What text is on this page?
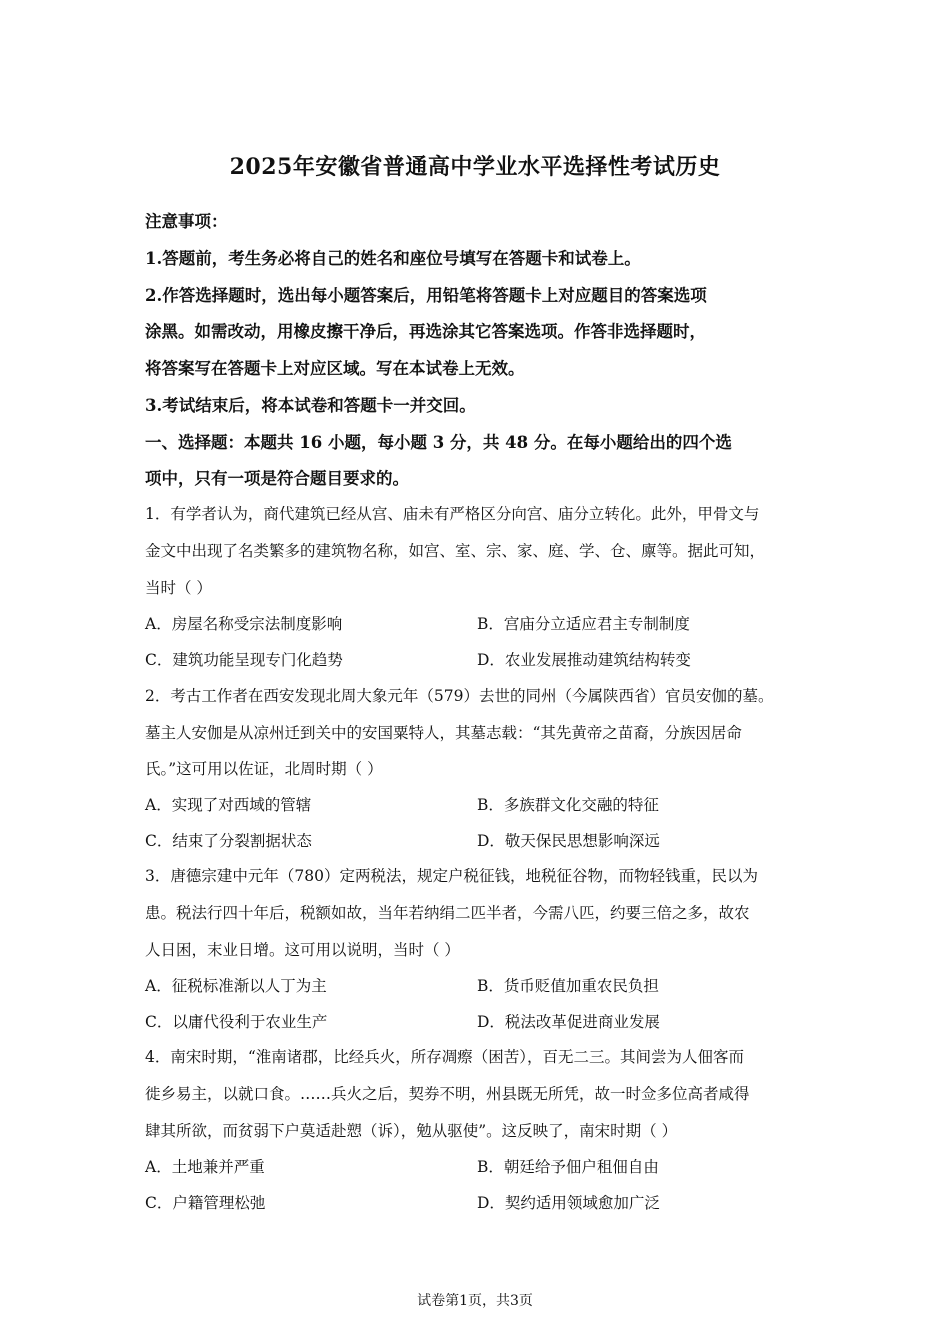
2025年安徽省普通高中学业水平选择性考试历史
注意事项：
1.答题前，考生务必将自己的姓名和座位号填写在答题卡和试卷上。
2.作答选择题时，选出每小题答案后，用铅笔将答题卡上对应题目的答案选项
涂黑。如需改动，用橡皮擦干净后，再选涂其它答案选项。作答非选择题时，
将答案写在答题卡上对应区域。写在本试卷上无效。
3.考试结束后，将本试卷和答题卡一并交回。
一、选择题：本题共 16 小题，每小题 3 分，共 48 分。在每小题给出的四个选
项中，只有一项是符合题目要求的。
1．有学者认为，商代建筑已经从宫、庙未有严格区分向宫、庙分立转化。此外，甲骨文与
金文中出现了名类繁多的建筑物名称，如宫、室、宗、家、庭、学、仓、廪等。据此可知，
当时（ ）
A．房屋名称受宗法制度影响	B．宫庙分立适应君主专制制度
C．建筑功能呈现专门化趋势	D．农业发展推动建筑结构转变
2．考古工作者在西安发现北周大象元年（579）去世的同州（今属陕西省）官员安伽的墓。
墓主人安伽是从凉州迁到关中的安国粟特人，其墓志载：“其先黄帝之苗裔，分族因居命
氏。”这可用以佐证，北周时期（ ）
A．实现了对西域的管辖	B．多族群文化交融的特征
C．结束了分裂割据状态	D．敬天保民思想影响深远
3．唐德宗建中元年（780）定两税法，规定户税征钱，地税征谷物，而物轻钱重，民以为
患。税法行四十年后，税额如故，当年若纳绢二匹半者，今需八匹，约要三倍之多，故农
人日困，末业日增。这可用以说明，当时（ ）
A．征税标准渐以人丁为主	B．货币贬值加重农民负担
C．以庸代役利于农业生产	D．税法改革促进商业发展
4．南宋时期，“淮南诸郡，比经兵火，所存凋瘵（困苦），百无二三。其间尝为人佃客而
徙乡易主，以就口食。……兵火之后，契券不明，州县既无所凭，故一时佥多位高者咸得
肆其所欲，而贫弱下户莫适赴愬（诉），勉从驱使”。这反映了，南宋时期（ ）
A．土地兼并严重	B．朝廷给予佃户租佃自由
C．户籍管理松弛	D．契约适用领域愈加广泛
试卷第1页，共3页
